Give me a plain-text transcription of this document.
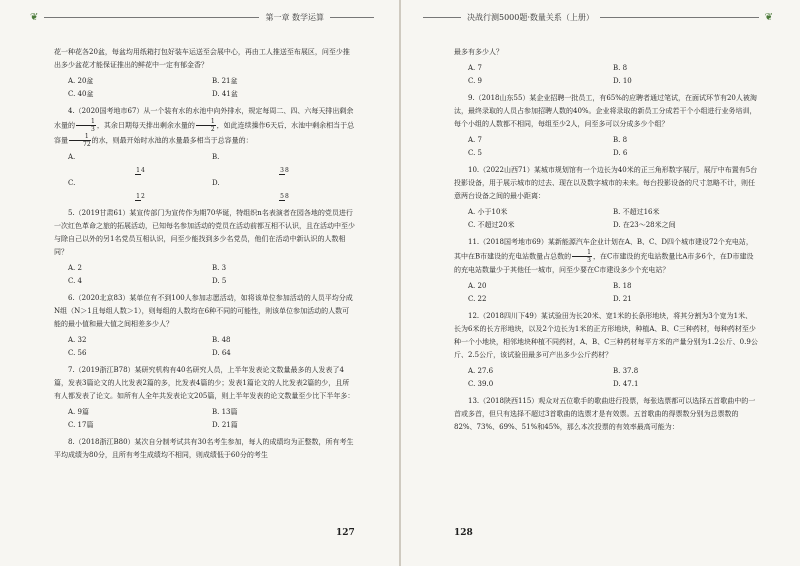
❦	第一章 数学运算
127
决战行测5000题·数量关系（上册）	❦
128

花一种花各20盆，每盆均用纸箱打包好装车运送至会展中心，再由工人推送至布展区，问至少推出多少盆花才能保证推出的鲜花中一定有郁金香？

A. 20盆	B. 21盆
C. 40盆	D. 41盆

4.（2020国考地市67）从一个装有水的水池中向外排水，规定每周二、四、六每天排出剩余水量的 $\frac{1}{3}$ ，其余日期每天排出剩余水量的 $\frac{1}{2}$ ，如此连续操作6天后，水池中剩余相当于总容量 $\frac{1}{72}$ 的水，则最开始时水池的水量最多相当于总容量的：

A.
14
B.
38
C.
12
D.
58

5.（2019甘肃61）某宣传部门为宣传作为期70华诞，特组织n名表演者在园各地的党员进行一次红色革命之旅的拓展活动，已知每名参加活动的党员在活动前都互相不认识，且在活动中至少与除自己以外的另1名党员互相认识，问至少能找到多少名党员，他们在活动中新认识的人数相同？

A. 2	B. 3
C. 4	D. 5

6.（2020北京83）某单位有不到100人参加志愿活动，如将该单位参加活动的人员平均分成N组（N＞1且每组人数＞1），则每组的人数均在6种不同的可能性，则该单位参加活动的人数可能的最小值和最大值之间相差多少人？

A. 32	B. 48
C. 56	D. 64

7.（2019浙江B78）某研究机构有40名研究人员，上半年发表论文数量最多的人发表了4篇，发表3篇论文的人比发表2篇的多，比发表4篇的少；发表1篇论文的人比发表2篇的少，且所有人都发表了论文。如所有人全年共发表论文205篇，则上半年发表的论文数量至少比下半年多：

A. 9篇	B. 13篇
C. 17篇	D. 21篇

8.（2018浙江B80）某次自分制考试共有30名考生参加，每人的成绩均为正整数，所有考生平均成绩为80分，且所有考生成绩均不相同，则成绩低于60分的考生

最多有多少人？

A. 7	B. 8
C. 9	D. 10

9.（2018山东55）某企业招聘一批员工，有65%的应聘者通过笔试，在面试环节有20人被淘汰，最终录取的人员占参加招聘人数的40%。企业将录取的新员工分成若干个小组进行业务培训，每个小组的人数都不相同，每组至少2人，问至多可以分成多少个组？

A. 7	B. 8
C. 5	D. 6

10.（2022山西71）某城市规划馆有一个边长为40米的正三角形数字展厅，展厅中布置有5台投影设备，用于展示城市的过去、现在以及数字城市的未来。每台投影设备的尺寸忽略不计，则任意两台设备之间的最小距离：

A. 小于10米	B. 不超过16米
C. 不超过20米	D. 在23～28米之间

11.（2018国考地市69）某新能源汽车企业计划在A、B、C、D四个城市建设72个充电站，其中在B市建设的充电站数量占总数的 $\frac{1}{3}$ ，在C市建设的充电站数量比A市多6个，在D市建设的充电站数量少于其他任一城市，问至少要在C市建设多少个充电站？

A. 20	B. 18
C. 22	D. 21

12.（2018四川下49）某试验田为长20米、宽1米的长条形地块，将其分割为3个宽为1米、长为6米的长方形地块，以及2个边长为1米的正方形地块，种植A、B、C三种药材，每种药材至少种一个小地块，相邻地块种植不同药材，A、B、C三种药材每平方米的产量分别为1.2公斤、0.9公斤、2.5公斤，该试验田最多可产出多少公斤药材？

A. 27.6	B. 37.8
C. 39.0	D. 47.1

13.（2018陕西115）观众对五位歌手的歌曲进行投票，每张选票都可以选择五首歌曲中的一首或多首，但只有选择不超过3首歌曲的选票才是有效票。五首歌曲的得票数分别为总票数的82%、73%、69%、51%和45%，那么本次投票的有效率最高可能为：
